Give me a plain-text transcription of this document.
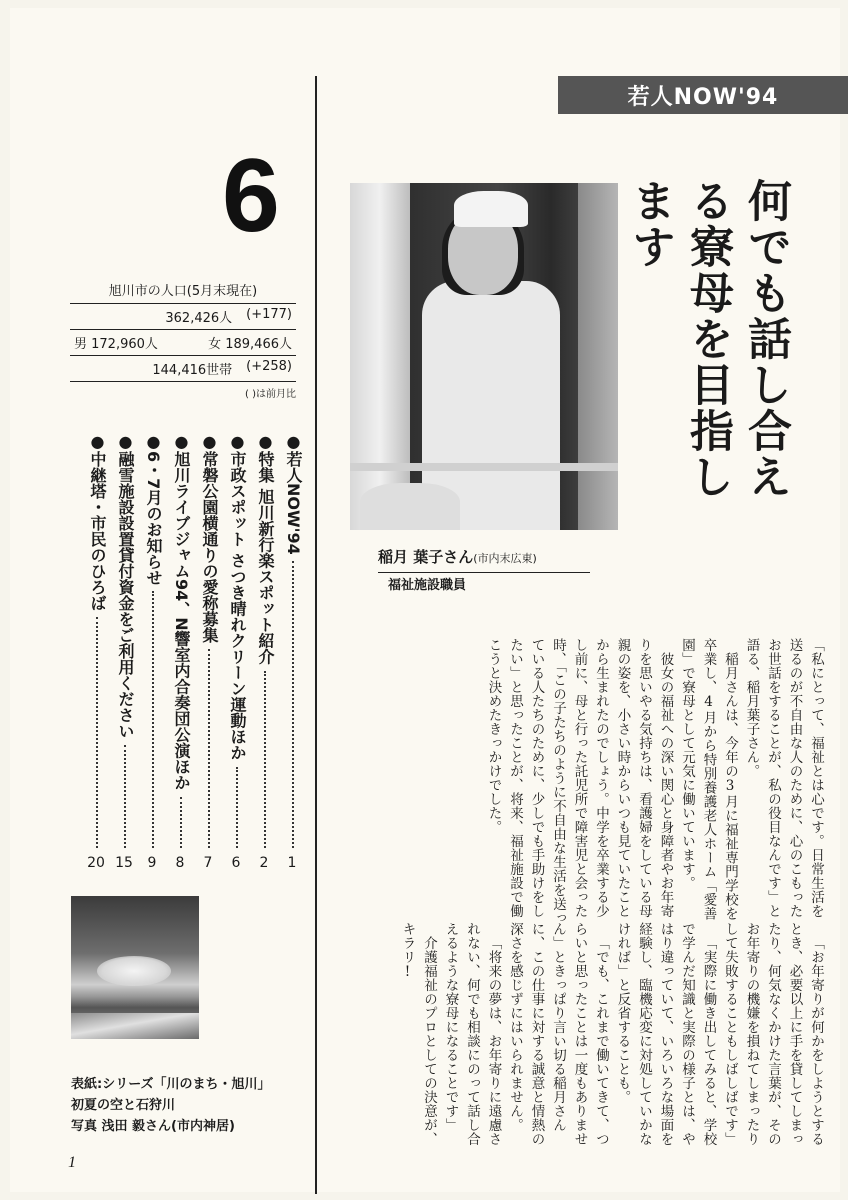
6
旭川市の人口(5月末現在)
362,426人 (+177)
男 172,960人	女 189,466人
144,416世帯 (+258)
( )は前月比
●若人NOW'94
1
●特集 旭川新行楽スポット紹介
2
●市政スポット さつき晴れクリーン運動ほか
6
●常磐公園横通りの愛称募集
7
●旭川ライブジャム94、N響室内合奏団公演ほか
8
●6・7月のお知らせ
9
●融雪施設設置貸付資金をご利用ください
15
●中継塔・市民のひろば
20
表紙:シリーズ「川のまち・旭川」
初夏の空と石狩川
写真 浅田 毅さん(市内神居)
1
若人NOW'94
何でも話し合える寮母を目指します
稲月 葉子さん(市内末広東)
福祉施設職員

「私にとって、福祉とは心です。日常生活を送るのが不自由な人のために、心のこもったお世話をすることが、私の役目なんです」と語る、稲月葉子さん。

稲月さんは、今年の3月に福祉専門学校を卒業し、4月から特別養護老人ホーム「愛善園」で寮母として元気に働いています。

彼女の福祉への深い関心と身障者やお年寄りを思いやる気持ちは、看護婦をしている母親の姿を、小さい時からいつも見ていたことから生まれたのでしょう。中学を卒業する少し前に、母と行った託児所で障害児と会った時、「この子たちのように不自由な生活を送っている人たちのために、少しでも手助けをしたい」と思ったことが、将来、福祉施設で働こうと決めたきっかけでした。

「お年寄りが何かをしようとするとき、必要以上に手を貸してしまったり、何気なくかけた言葉が、そのお年寄りの機嫌を損ねてしまったりして失敗することもしばしばです」

「実際に働き出してみると、学校で学んだ知識と実際の様子とは、やはり違っていて、いろいろな場面を経験し、臨機応変に対処していかなければ」と反省することも。

「でも、これまで働いてきて、つらいと思ったことは一度もありません」ときっぱり言い切る稲月さんに、この仕事に対する誠意と情熱の深さを感じずにはいられません。

「将来の夢は、お年寄りに遠慮されない、何でも相談にのって話し合えるような寮母になることです」

介護福祉のプロとしての決意が、キラリ!
